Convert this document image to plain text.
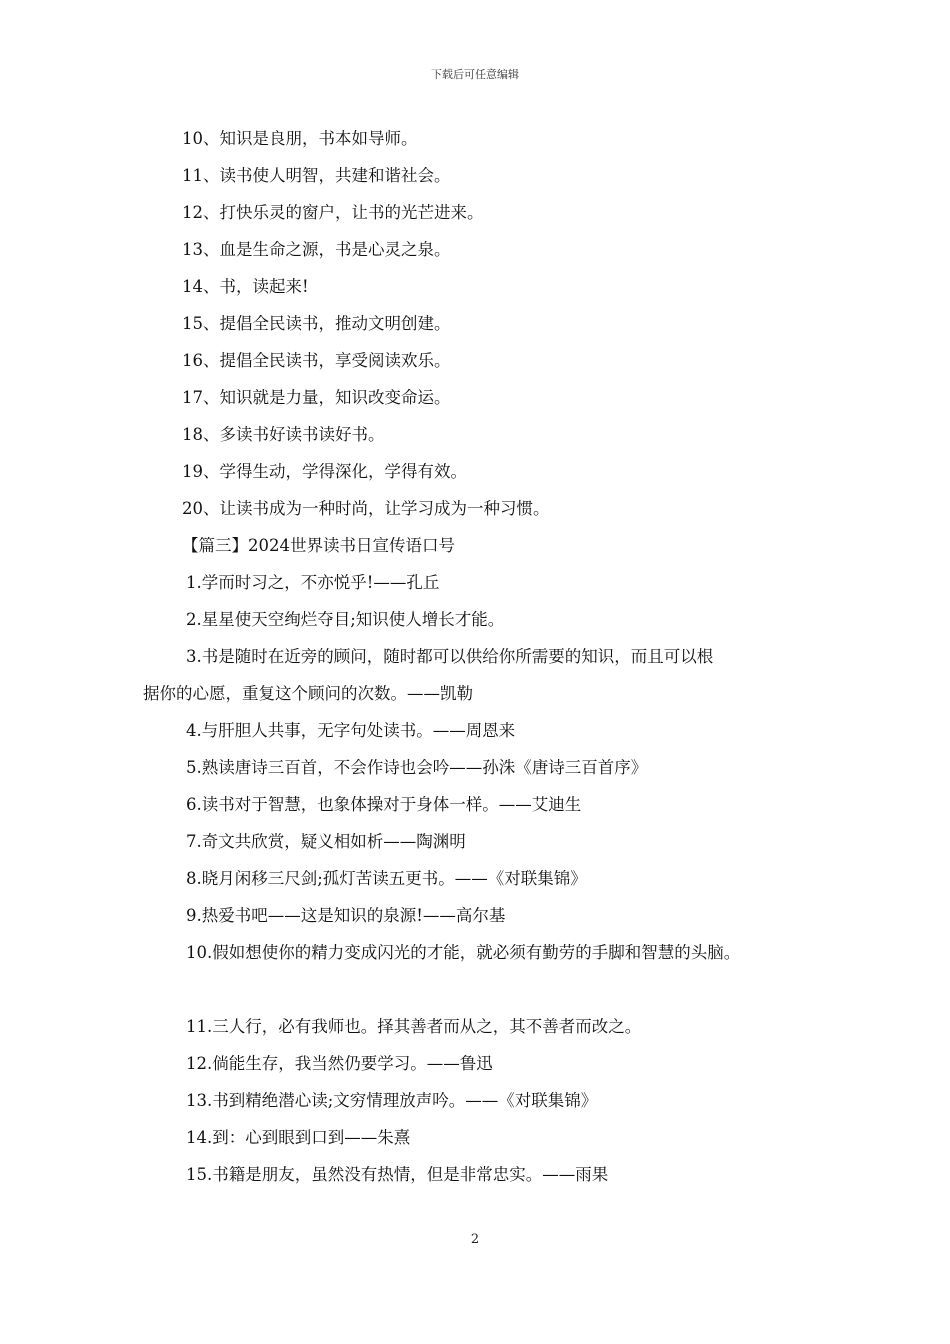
下载后可任意编辑
10、知识是良朋，书本如导师。
11、读书使人明智，共建和谐社会。
12、打快乐灵的窗户，让书的光芒进来。
13、血是生命之源，书是心灵之泉。
14、书，读起来!
15、提倡全民读书，推动文明创建。
16、提倡全民读书，享受阅读欢乐。
17、知识就是力量，知识改变命运。
18、多读书好读书读好书。
19、学得生动，学得深化，学得有效。
20、让读书成为一种时尚，让学习成为一种习惯。
【篇三】2024世界读书日宣传语口号
1.学而时习之，不亦悦乎!——孔丘
2.星星使天空绚烂夺目;知识使人增长才能。
3.书是随时在近旁的顾问，随时都可以供给你所需要的知识，而且可以根
据你的心愿，重复这个顾问的次数。——凯勒
4.与肝胆人共事，无字句处读书。——周恩来
5.熟读唐诗三百首，不会作诗也会吟——孙洙《唐诗三百首序》
6.读书对于智慧，也象体操对于身体一样。——艾迪生
7.奇文共欣赏，疑义相如析——陶渊明
8.晓月闲移三尺剑;孤灯苦读五更书。——《对联集锦》
9.热爱书吧——这是知识的泉源!——高尔基
10.假如想使你的精力变成闪光的才能，就必须有勤劳的手脚和智慧的头脑。
11.三人行，必有我师也。择其善者而从之，其不善者而改之。
12.倘能生存，我当然仍要学习。——鲁迅
13.书到精绝潜心读;文穷情理放声吟。——《对联集锦》
14.到：心到眼到口到——朱熹
15.书籍是朋友，虽然没有热情，但是非常忠实。——雨果
2
